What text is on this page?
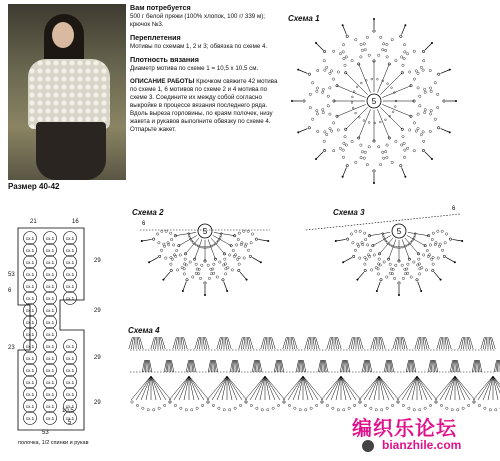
Размер 40-42
Вам потребуется

500 г белой пряжи (100% хлопок, 100 г/ 339 м); крючок №3.

Переплетения

Мотивы по схемам 1, 2 и 3; обвязка по схеме 4.

Плотность вязания

Диаметр мотива по схеме 1 = 10,5 х 10,5 см.

ОПИСАНИЕ РАБОТЫ Крючком свяжите 42 мотива по схеме 1, 6 мотивов по схеме 2 и 4 мотива по схеме 3. Соедините их между собой согласно выкройке в процессе вязания последнего ряда. Вдоль выреза горловины, по краям полочек, низу жакета и рукавов выполните обвязку по схеме 4. Отпарьте жакет.

Схема 1
Схема 2	Схема 3
Схема 4
сх.1	сх.1	сх.1
сх.1	сх.1	сх.1
сх.1	сх.1	сх.1
сх.1	сх.1	сх.1
сх.1	сх.1	сх.1
сх.1	сх.1	сх.1
сх.1	сх.1
сх.1	сх.1
сх.1	сх.1
сх.1	сх.1	сх.1
сх.1	сх.1	сх.1
сх.1	сх.1	сх.1
сх.1	сх.1	сх.1
сх.1	сх.1	сх.1
сх.1	сх.1	сх.1
сх.1	сх.1	сх.1
5
5	5
6
6
21	16
53
23
6
29
29
29
29
10,5
5
53
полочка, 1/2 спинки и рукав
编织乐论坛
bianzhile.com
